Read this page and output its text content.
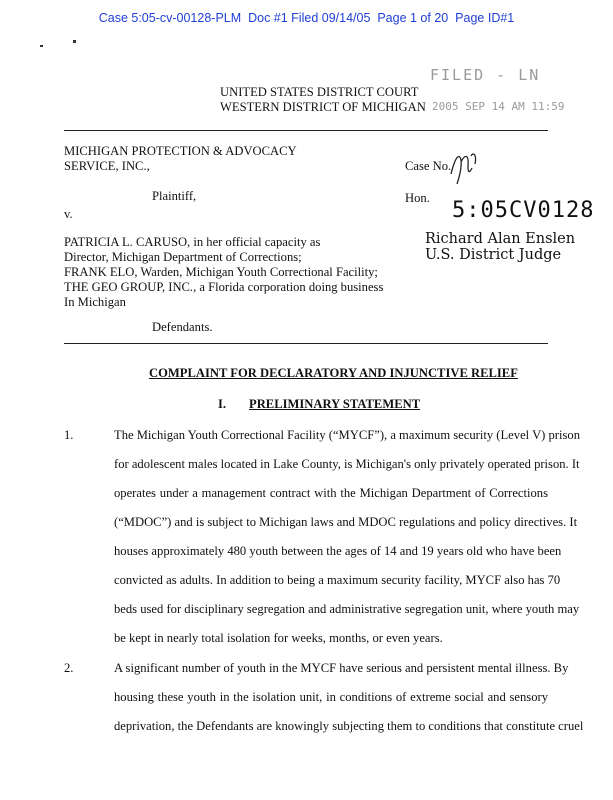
Case 5:05-cv-00128-PLM  Doc #1 Filed 09/14/05  Page 1 of 20  Page ID#1
UNITED STATES DISTRICT COURT
WESTERN DISTRICT OF MICHIGAN
FILED - LN
2005 SEP 14 AM 11:59
MICHIGAN PROTECTION & ADVOCACY
SERVICE, INC.,
Plaintiff,
v.
Case No.
Hon. 5:05CV0128
Richard Alan Enslen
U.S. District Judge
PATRICIA L. CARUSO, in her official capacity as
Director, Michigan Department of Corrections;
FRANK ELO, Warden, Michigan Youth Correctional Facility;
THE GEO GROUP, INC., a Florida corporation doing business
In Michigan
Defendants.
COMPLAINT FOR DECLARATORY AND INJUNCTIVE RELIEF
I. PRELIMINARY STATEMENT
1.	The Michigan Youth Correctional Facility (“MYCF”), a maximum security (Level V) prison
for adolescent males located in Lake County, is Michigan's only privately operated prison. It
operates under a management contract with the Michigan Department of Corrections
(“MDOC”) and is subject to Michigan laws and MDOC regulations and policy directives. It
houses approximately 480 youth between the ages of 14 and 19 years old who have been
convicted as adults. In addition to being a maximum security facility, MYCF also has 70
beds used for disciplinary segregation and administrative segregation unit, where youth may
be kept in nearly total isolation for weeks, months, or even years.
2.	A significant number of youth in the MYCF have serious and persistent mental illness. By
housing these youth in the isolation unit, in conditions of extreme social and sensory
deprivation, the Defendants are knowingly subjecting them to conditions that constitute cruel
